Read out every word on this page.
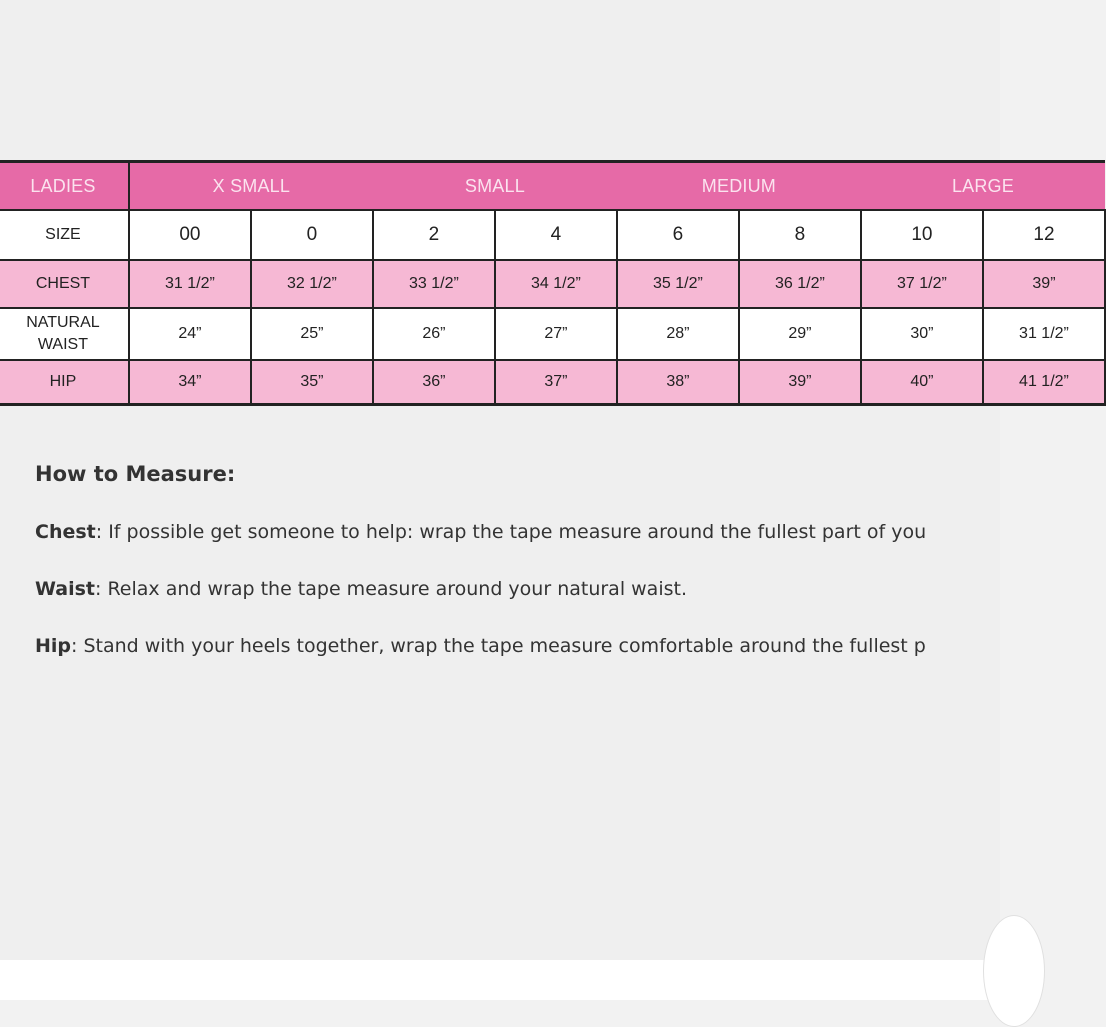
LADIES	X SMALL		SMALL		MEDIUM		LARGE	
SIZE	00	0	2	4	6	8	10	12
CHEST	31 1/2”	32 1/2”	33 1/2”	34 1/2”	35 1/2”	36 1/2”	37 1/2”	39”
NATURAL
WAIST	24”	25”	26”	27”	28”	29”	30”	31 1/2”
HIP	34”	35”	36”	37”	38”	39”	40”	41 1/2”
How to Measure:

Chest: If possible get someone to help: wrap the tape measure around the fullest part of you

Waist: Relax and wrap the tape measure around your natural waist.

Hip: Stand with your heels together, wrap the tape measure comfortable around the fullest p
